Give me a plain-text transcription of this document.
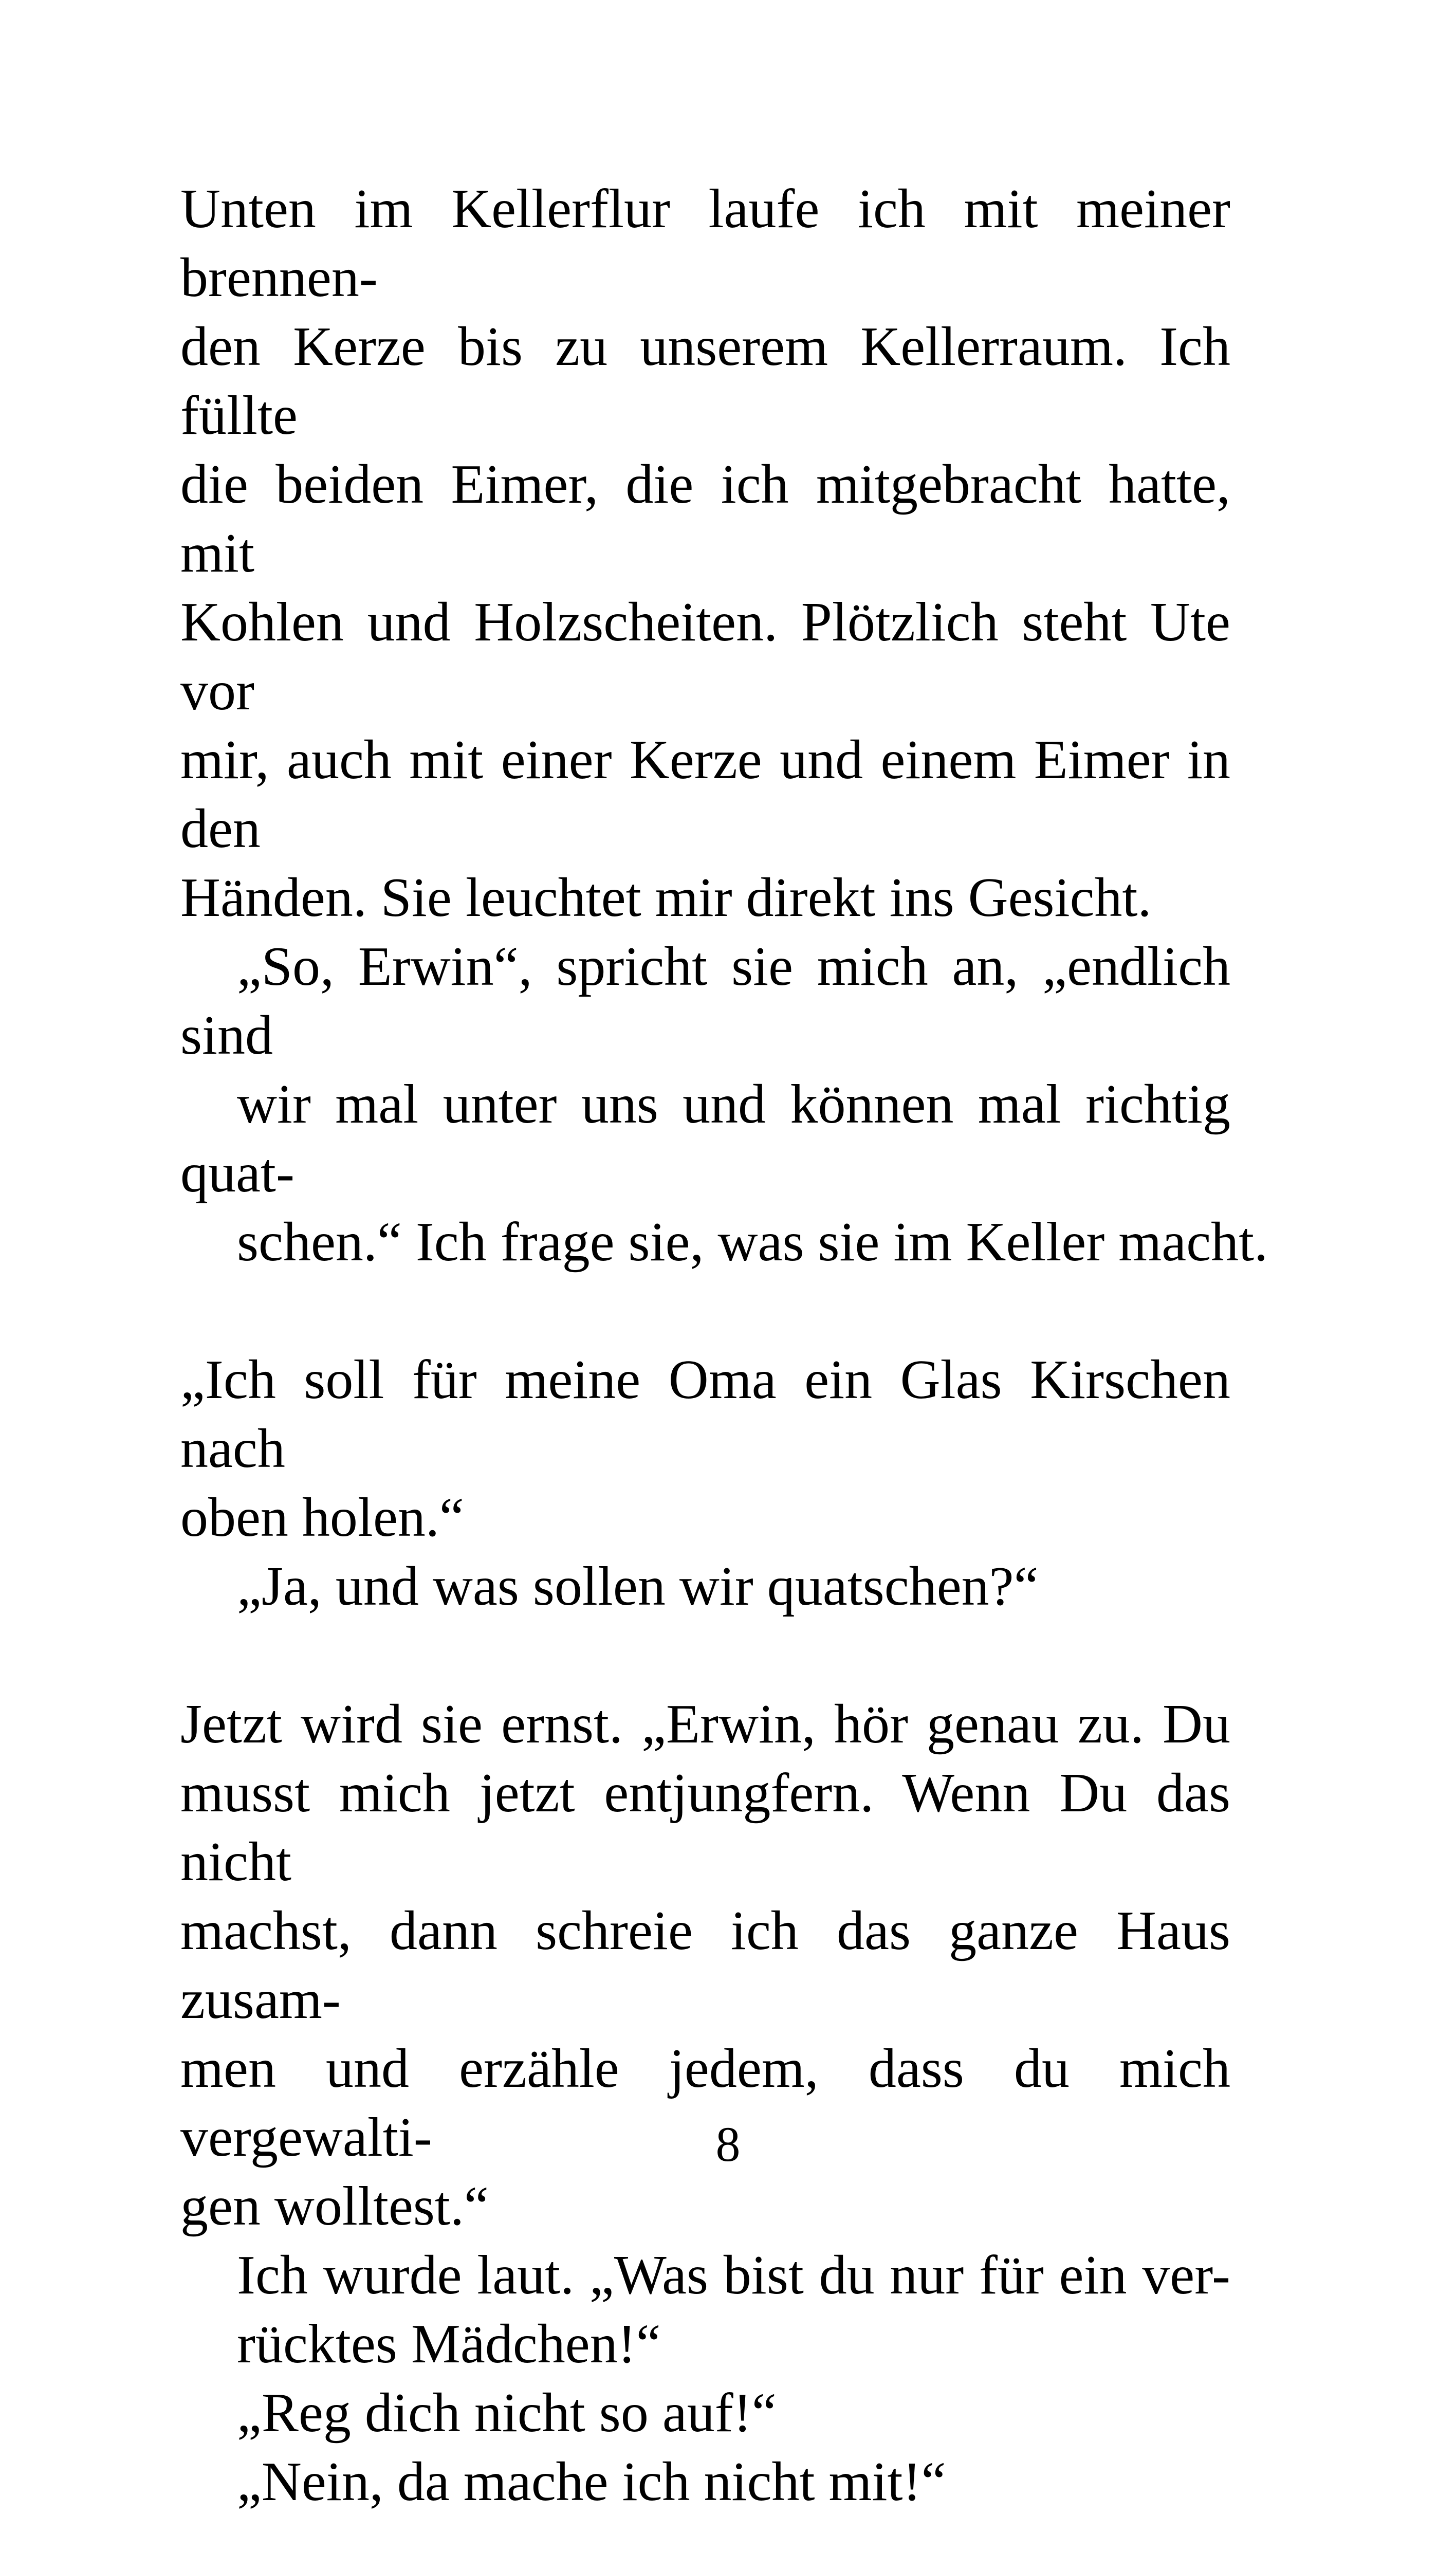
Unten im Kellerflur laufe ich mit meiner brennen-
den Kerze bis zu unserem Kellerraum. Ich füllte
die beiden Eimer, die ich mitgebracht hatte, mit
Kohlen und Holzscheiten. Plötzlich steht Ute vor
mir, auch mit einer Kerze und einem Eimer in den
Händen. Sie leuchtet mir direkt ins Gesicht.
„So, Erwin“, spricht sie mich an, „endlich sind
wir mal unter uns und können mal richtig quat-
schen.“ Ich frage sie, was sie im Keller macht.
„Ich soll für meine Oma ein Glas Kirschen nach
oben holen.“
„Ja, und was sollen wir quatschen?“
Jetzt wird sie ernst. „Erwin, hör genau zu. Du
musst mich jetzt entjungfern. Wenn Du das nicht
machst, dann schreie ich das ganze Haus zusam-
men und erzähle jedem, dass du mich vergewalti-
gen wolltest.“
Ich wurde laut. „Was bist du nur für ein ver-
rücktes Mädchen!“
„Reg dich nicht so auf!“
„Nein, da mache ich nicht mit!“
8
